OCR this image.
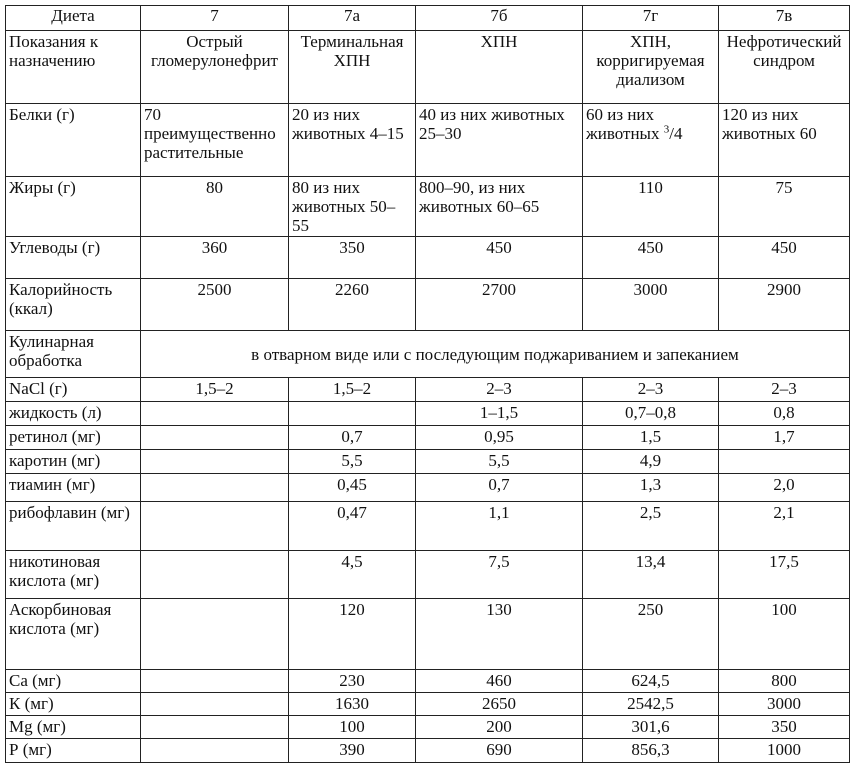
Диета	7	7а	7б	7г	7в
Показания к назначению	Острый гломерулонефрит	Терминальная ХПН	ХПН	ХПН, корригируемая диализом	Нефротический синдром
Белки (г)	70 преимущественно растительные	20 из них животных 4–15	40 из них животных 25–30	60 из них животных $^3$/4	120 из них животных 60
Жиры (г)	80	80 из них животных 50–55	800–90, из них животных 60–65	110	75
Углеводы (г)	360	350	450	450	450
Калорийность (ккал)	2500	2260	2700	3000	2900
Кулинарная обработка	в отварном виде или с последующим поджариванием и запеканием				
NaCl (г)	1,5–2	1,5–2	2–3	2–3	2–3
жидкость (л)			1–1,5	0,7–0,8	0,8
ретинол (мг)		0,7	0,95	1,5	1,7
каротин (мг)		5,5	5,5	4,9	
тиамин (мг)		0,45	0,7	1,3	2,0
рибофлавин (мг)		0,47	1,1	2,5	2,1
никотиновая кислота (мг)		4,5	7,5	13,4	17,5
Аскорбиновая кислота (мг)		120	130	250	100
Са (мг)		230	460	624,5	800
К (мг)		1630	2650	2542,5	3000
Mg (мг)		100	200	301,6	350
Р (мг)		390	690	856,3	1000
